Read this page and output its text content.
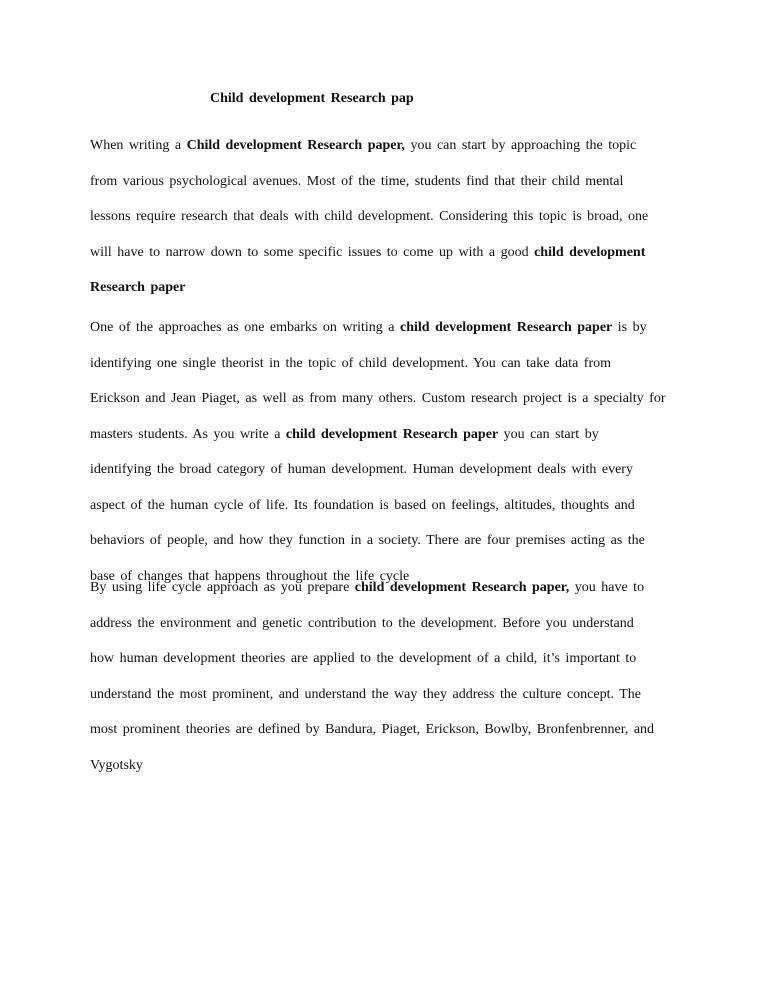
Child development Research pap
When writing a Child development Research paper, you can start by approaching the topic
from various psychological avenues. Most of the time, students find that their child mental
lessons require research that deals with child development. Considering this topic is broad, one
will have to narrow down to some specific issues to come up with a good child development
Research paper
One of the approaches as one embarks on writing a child development Research paper is by
identifying one single theorist in the topic of child development. You can take data from
Erickson and Jean Piaget, as well as from many others. Custom research project is a specialty for
masters students. As you write a child development Research paper you can start by
identifying the broad category of human development. Human development deals with every
aspect of the human cycle of life. Its foundation is based on feelings, altitudes, thoughts and
behaviors of people, and how they function in a society. There are four premises acting as the
base of changes that happens throughout the life cycle
By using life cycle approach as you prepare child development Research paper, you have to
address the environment and genetic contribution to the development. Before you understand
how human development theories are applied to the development of a child, it’s important to
understand the most prominent, and understand the way they address the culture concept. The
most prominent theories are defined by Bandura, Piaget, Erickson, Bowlby, Bronfenbrenner, and
Vygotsky
